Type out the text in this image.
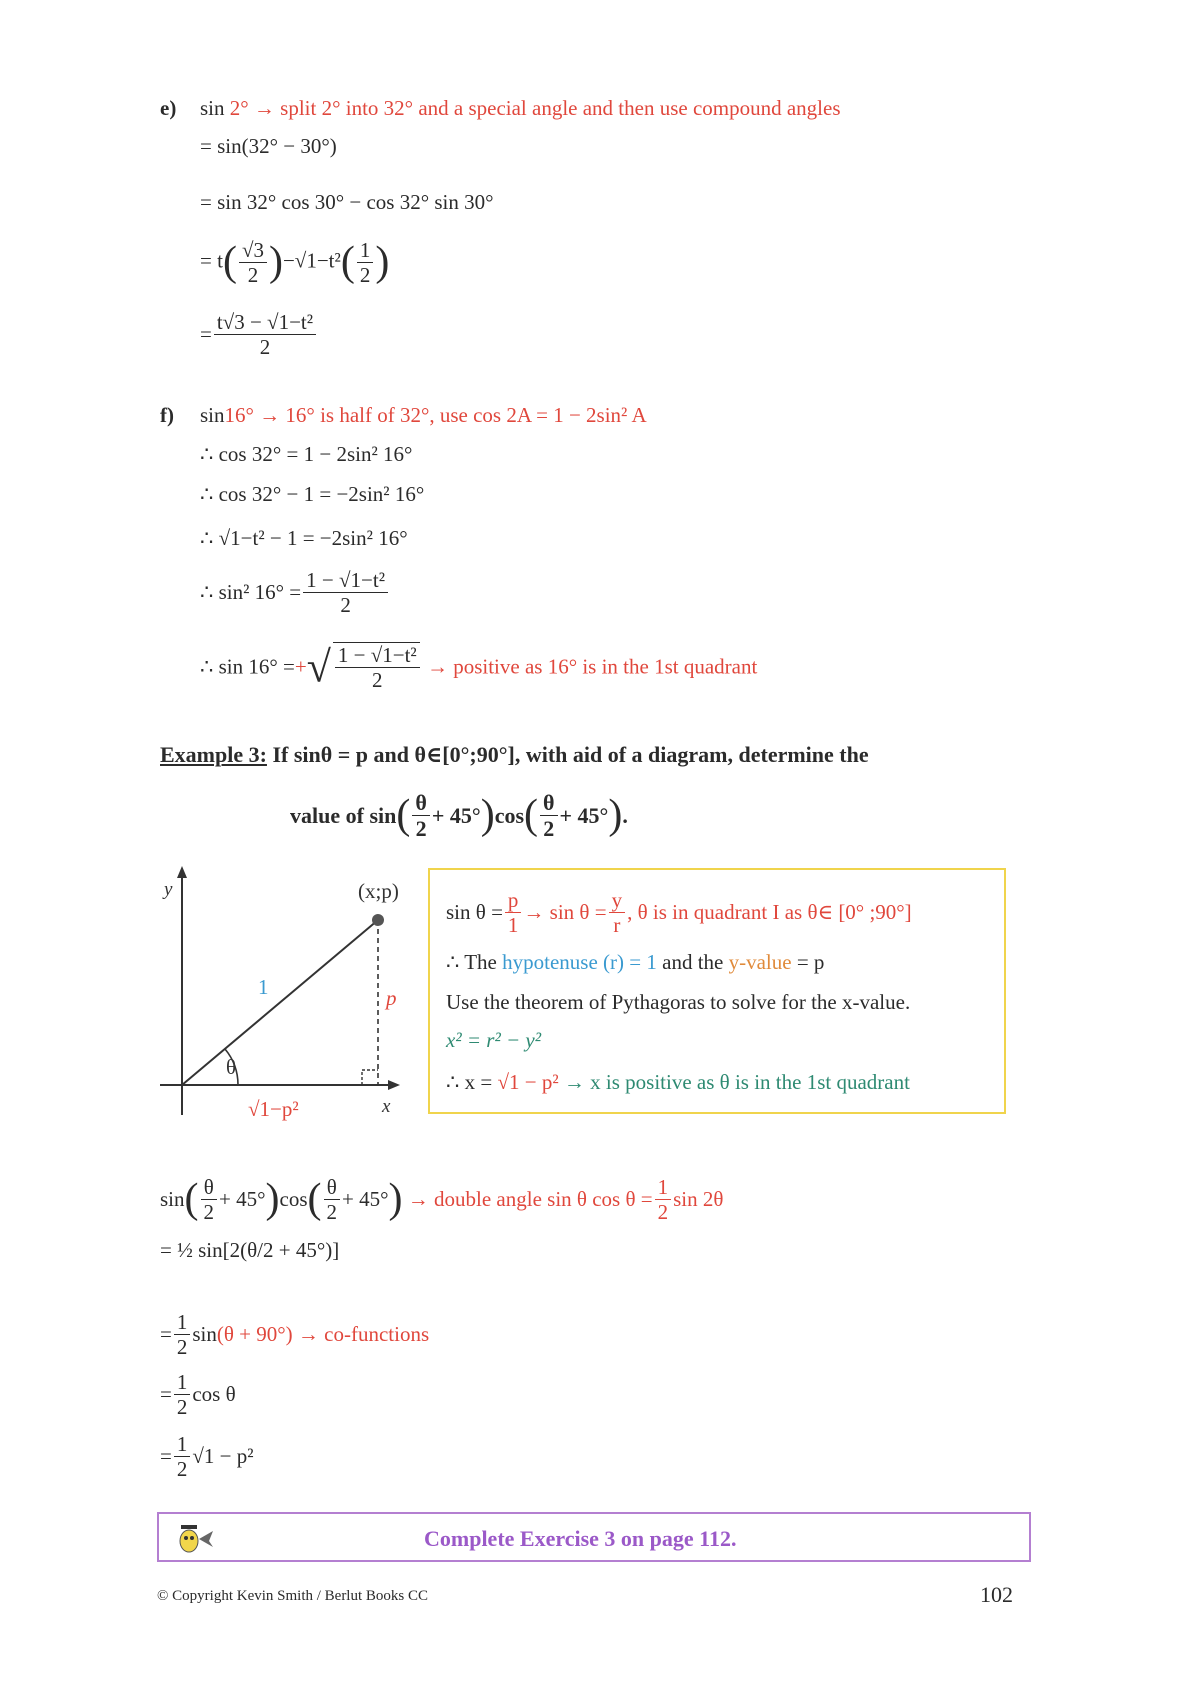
e) sin 2° → split 2° into 32° and a special angle and then use compound angles
= sin(32° − 30°)
= sin 32° cos 30° − cos 32° sin 30°
= $t( \frac{√3}{2} )-√1-t^2( \frac{1}{2}$ )
= $\frac{\text{t√3 − √1−t²}}{2}$
f) sin16° → 16° is half of 32°, use cos 2A = 1 − 2sin² A
∴ cos 32° = 1 − 2sin² 16°
∴ cos 32° − 1 = −2sin² 16°
∴ √1−t² − 1 = −2sin² 16°
∴ sin² $16^\circ = \frac{\text{1 − √1−t²}}{2}$
∴ sin 16° =+√ $\frac{\text{1 − √1−t²}}{2}$ → positive as 16° is in the 1st quadrant
Example 3: If sinθ = p and θ∈[0°;90°], with aid of a diagram, determine the
value of $\sin( \frac{\theta}{2} + 45^\circ)\cos( \frac{\theta}{2} + 45^\circ)$.
y
x
(x;p)
1	p
θ
√1−p²
$\sin \theta = \frac{p}{1} \to \sin \theta = \frac{y}{r}$ , θ is in quadrant I as θ∈ [0° ;90°]
∴ The hypotenuse (r) = 1 and the y-value = p
Use the theorem of Pythagoras to solve for the x-value.
x² = r² − y²
∴ x = √1 − p² → x is positive as θ is in the 1st quadrant
$\sin( \frac{\theta}{2} + 45^\circ)\cos( \frac{\theta}{2} + 45^\circ)$ → double angle sin θ $\cos \theta = \frac{1}{2}$ sin 2θ
= ½ sin[2(θ/2 + 45°)]
= $\frac{1}{2} \sin(\theta + 90^\circ)$ → co-functions
= $\frac{1}{2}$ cos θ
= $\frac{1}{2} √1 - p^2$
Complete Exercise 3 on page 112.
© Copyright Kevin Smith / Berlut Books CC	102
